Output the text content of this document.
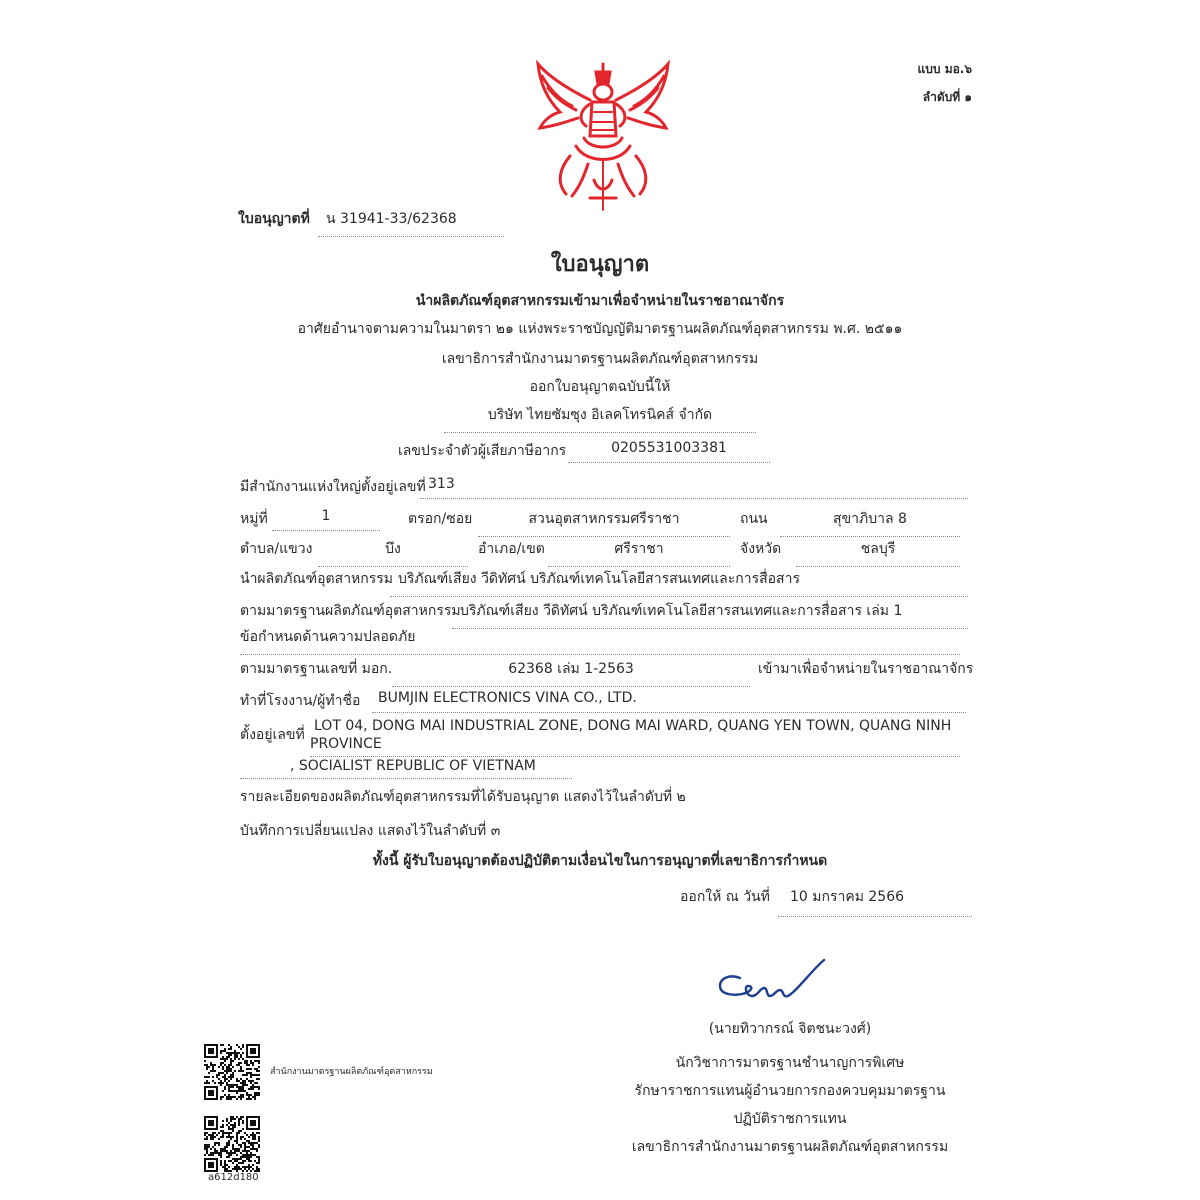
แบบ มอ.๖
ลำดับที่ ๑
ใบอนุญาตที่	น 31941-33/62368
ใบอนุญาต
นำผลิตภัณฑ์อุตสาหกรรมเข้ามาเพื่อจำหน่ายในราชอาณาจักร
อาศัยอำนาจตามความในมาตรา ๒๑ แห่งพระราชบัญญัติมาตรฐานผลิตภัณฑ์อุตสาหกรรม พ.ศ. ๒๕๑๑
เลขาธิการสำนักงานมาตรฐานผลิตภัณฑ์อุตสาหกรรม
ออกใบอนุญาตฉบับนี้ให้
บริษัท ไทยซัมซุง อิเลคโทรนิคส์ จำกัด
เลขประจำตัวผู้เสียภาษีอากร	0205531003381
มีสำนักงานแห่งใหญ่ตั้งอยู่เลขที่ 313
หมู่ที่	1	ตรอก/ซอย	สวนอุตสาหกรรมศรีราชา	ถนน	สุขาภิบาล 8
ตำบล/แขวง	บึง	อำเภอ/เขต	ศรีราชา	จังหวัด	ชลบุรี
นำผลิตภัณฑ์อุตสาหกรรม บริภัณฑ์เสียง วีดิทัศน์ บริภัณฑ์เทคโนโลยีสารสนเทศและการสื่อสาร
ตามมาตรฐานผลิตภัณฑ์อุตสาหกรรม บริภัณฑ์เสียง วีดิทัศน์ บริภัณฑ์เทคโนโลยีสารสนเทศและการสื่อสาร เล่ม 1
ข้อกำหนดด้านความปลอดภัย
ตามมาตรฐานเลขที่ มอก.	62368 เล่ม 1-2563	เข้ามาเพื่อจำหน่ายในราชอาณาจักร
ทำที่โรงงาน/ผู้ทำชื่อ	BUMJIN ELECTRONICS VINA CO., LTD.
ตั้งอยู่เลขที่
LOT 04, DONG MAI INDUSTRIAL ZONE, DONG MAI WARD, QUANG YEN TOWN, QUANG NINH
PROVINCE
, SOCIALIST REPUBLIC OF VIETNAM
รายละเอียดของผลิตภัณฑ์อุตสาหกรรมที่ได้รับอนุญาต แสดงไว้ในลำดับที่ ๒
บันทึกการเปลี่ยนแปลง แสดงไว้ในลำดับที่ ๓
ทั้งนี้ ผู้รับใบอนุญาตต้องปฏิบัติตามเงื่อนไขในการอนุญาตที่เลขาธิการกำหนด
ออกให้ ณ วันที่	10 มกราคม 2566
(นายทิวากรณ์ จิตชนะวงศ์)
นักวิชาการมาตรฐานชำนาญการพิเศษ
รักษาราชการแทนผู้อำนวยการกองควบคุมมาตรฐาน
ปฏิบัติราชการแทน
เลขาธิการสำนักงานมาตรฐานผลิตภัณฑ์อุตสาหกรรม
สำนักงานมาตรฐานผลิตภัณฑ์อุตสาหกรรม
a612d180
